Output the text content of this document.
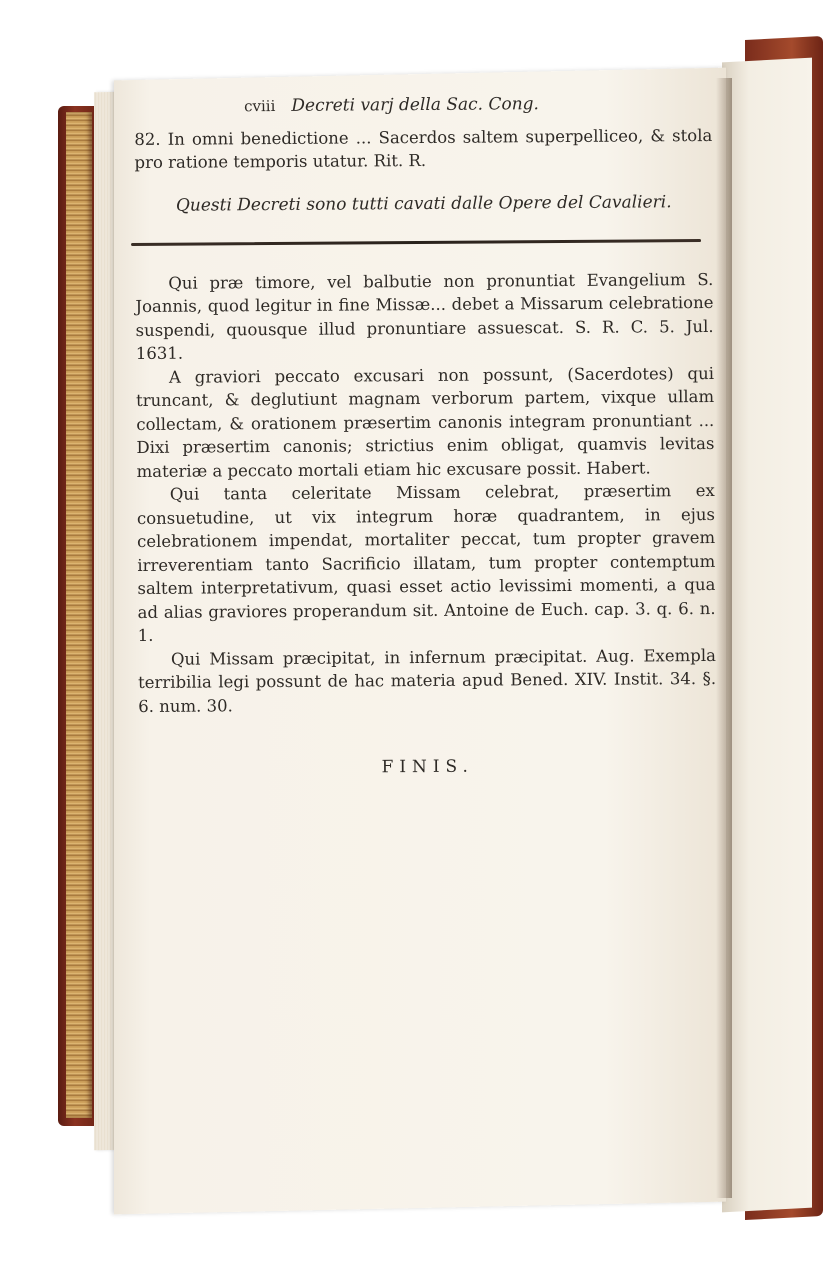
cviii Decreti varj della Sac. Cong.

82. In omni benedictione ... Sacerdos saltem superpelliceo, & stola pro ratione temporis utatur. Rit. R.

Questi Decreti sono tutti cavati dalle Opere del Cavalieri.

Qui præ timore, vel balbutie non pronuntiat Evangelium S. Joannis, quod legitur in fine Missæ... debet a Missarum celebratione suspendi, quousque illud pronuntiare assuescat. S. R. C. 5. Jul. 1631.

A graviori peccato excusari non possunt, (Sacerdotes) qui truncant, & deglutiunt magnam verborum partem, vixque ullam collectam, & orationem præsertim canonis integram pronuntiant ... Dixi præsertim canonis; strictius enim obligat, quamvis levitas materiæ a peccato mortali etiam hic excusare possit. Habert.

Qui tanta celeritate Missam celebrat, præsertim ex consuetudine, ut vix integrum horæ quadrantem, in ejus celebrationem impendat, mortaliter peccat, tum propter gravem irreverentiam tanto Sacrificio illatam, tum propter contemptum saltem interpretativum, quasi esset actio levissimi momenti, a qua ad alias graviores properandum sit. Antoine de Euch. cap. 3. q. 6. n. 1.

Qui Missam præcipitat, in infernum præcipitat. Aug. Exempla terribilia legi possunt de hac materia apud Bened. XIV. Instit. 34. §. 6. num. 30.

FINIS.
